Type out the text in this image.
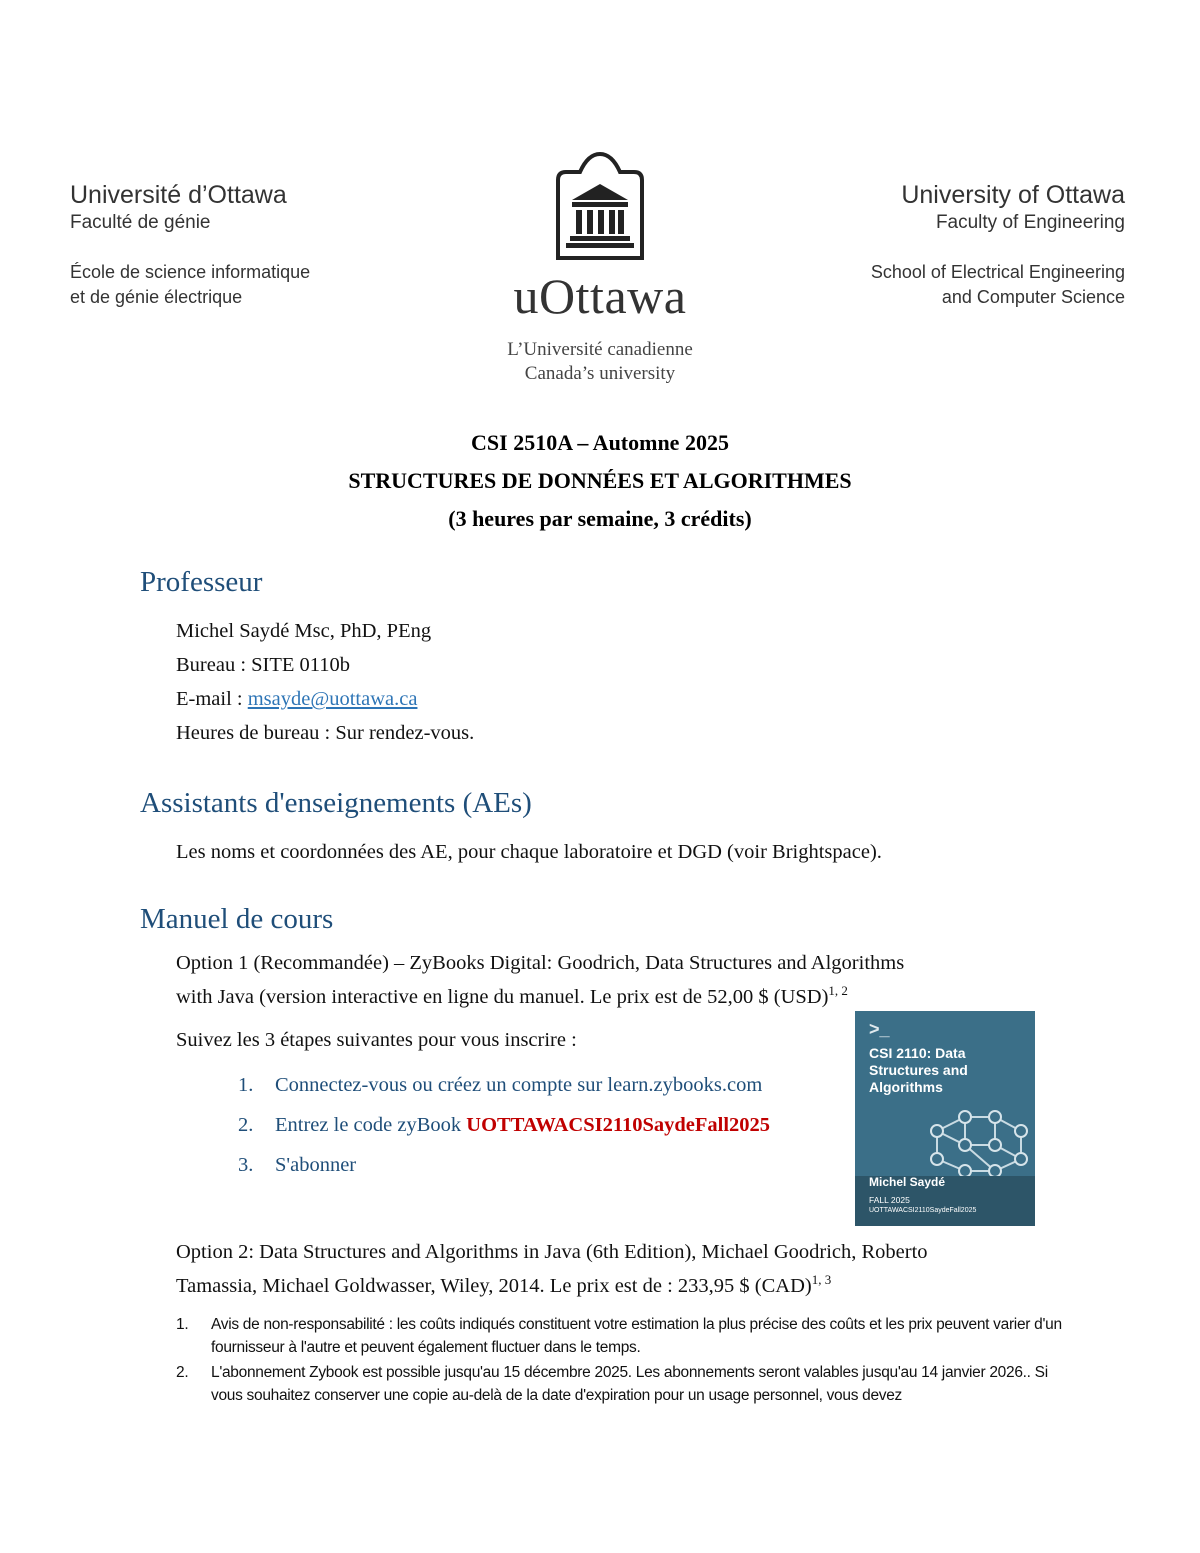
Université d’Ottawa
Faculté de génie
École de science informatique
et de génie électrique	uOttawa
L’Université canadienne
Canada’s university
University of Ottawa
Faculty of Engineering
School of Electrical Engineering
and Computer Science
CSI 2510A – Automne 2025
STRUCTURES DE DONNÉES ET ALGORITHMES
(3 heures par semaine, 3 crédits)
Professeur
Michel Saydé Msc, PhD, PEng
Bureau : SITE 0110b
E-mail : msayde@uottawa.ca
Heures de bureau : Sur rendez-vous.
Assistants d'enseignements (AEs)
Les noms et coordonnées des AE, pour chaque laboratoire et DGD (voir Brightspace).
Manuel de cours
Option 1 (Recommandée) – ZyBooks Digital: Goodrich, Data Structures and Algorithms
with Java (version interactive en ligne du manuel. Le prix est de 52,00 $ (USD)$^{1, 2}$
Suivez les 3 étapes suivantes pour vous inscrire :
1. Connectez-vous ou créez un compte sur learn.zybooks.com
2. Entrez le code zyBook UOTTAWACSI2110SaydeFall2025
3. S'abonner
>_
CSI 2110: Data Structures and Algorithms
Michel Saydé
FALL 2025
UOTTAWACSI2110SaydeFall2025
Option 2: Data Structures and Algorithms in Java (6th Edition), Michael Goodrich, Roberto
Tamassia, Michael Goldwasser, Wiley, 2014. Le prix est de : 233,95 $ (CAD)$^{1, 3}$
1. Avis de non-responsabilité : les coûts indiqués constituent votre estimation la plus précise des coûts et les prix peuvent varier d'un fournisseur à l'autre et peuvent également fluctuer dans le temps.
2. L'abonnement Zybook est possible jusqu'au 15 décembre 2025. Les abonnements seront valables jusqu'au 14 janvier 2026.. Si vous souhaitez conserver une copie au-delà de la date d'expiration pour un usage personnel, vous devez
